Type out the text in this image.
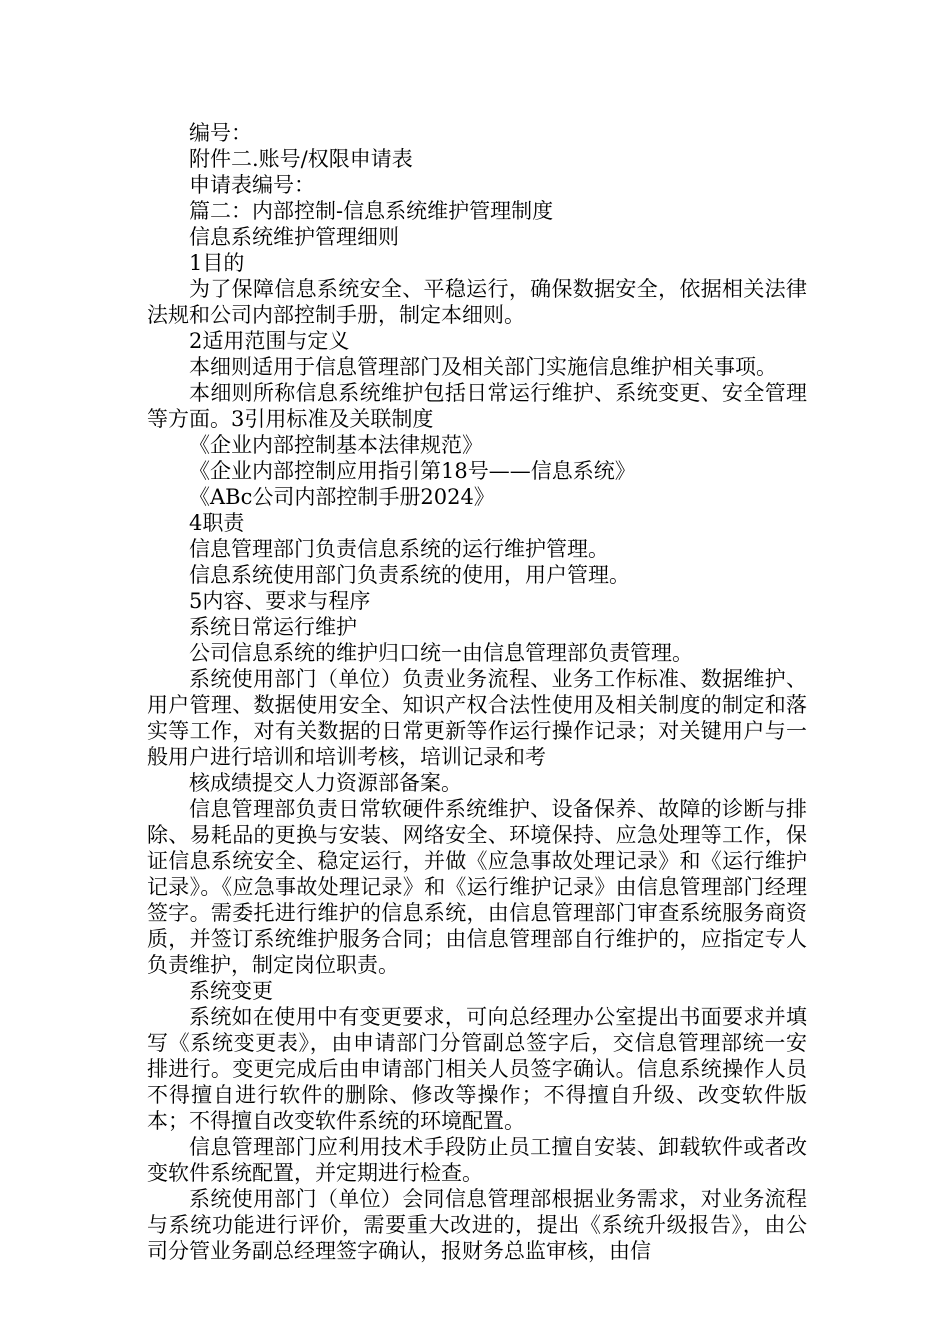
编号：

附件二.账号/权限申请表

申请表编号：

篇二：内部控制-信息系统维护管理制度

信息系统维护管理细则

1目的

为了保障信息系统安全、平稳运行，确保数据安全，依据相关法律法规和公司内部控制手册，制定本细则。

2适用范围与定义

本细则适用于信息管理部门及相关部门实施信息维护相关事项。

本细则所称信息系统维护包括日常运行维护、系统变更、安全管理等方面。3引用标准及关联制度

《企业内部控制基本法律规范》

《企业内部控制应用指引第18号——信息系统》

《ABc公司内部控制手册2024》

4职责

信息管理部门负责信息系统的运行维护管理。

信息系统使用部门负责系统的使用，用户管理。

5内容、要求与程序

系统日常运行维护

公司信息系统的维护归口统一由信息管理部负责管理。

系统使用部门（单位）负责业务流程、业务工作标准、数据维护、用户管理、数据使用安全、知识产权合法性使用及相关制度的制定和落实等工作，对有关数据的日常更新等作运行操作记录；对关键用户与一般用户进行培训和培训考核，培训记录和考

核成绩提交人力资源部备案。

信息管理部负责日常软硬件系统维护、设备保养、故障的诊断与排除、易耗品的更换与安装、网络安全、环境保持、应急处理等工作，保证信息系统安全、稳定运行，并做《应急事故处理记录》和《运行维护记录》。《应急事故处理记录》和《运行维护记录》由信息管理部门经理签字。需委托进行维护的信息系统，由信息管理部门审查系统服务商资质，并签订系统维护服务合同；由信息管理部自行维护的，应指定专人负责维护，制定岗位职责。

系统变更

系统如在使用中有变更要求，可向总经理办公室提出书面要求并填写《系统变更表》，由申请部门分管副总签字后，交信息管理部统一安排进行。变更完成后由申请部门相关人员签字确认。信息系统操作人员不得擅自进行软件的删除、修改等操作；不得擅自升级、改变软件版本；不得擅自改变软件系统的环境配置。

信息管理部门应利用技术手段防止员工擅自安装、卸载软件或者改变软件系统配置，并定期进行检查。

系统使用部门（单位）会同信息管理部根据业务需求，对业务流程与系统功能进行评价，需要重大改进的，提出《系统升级报告》，由公司分管业务副总经理签字确认，报财务总监审核，由信
